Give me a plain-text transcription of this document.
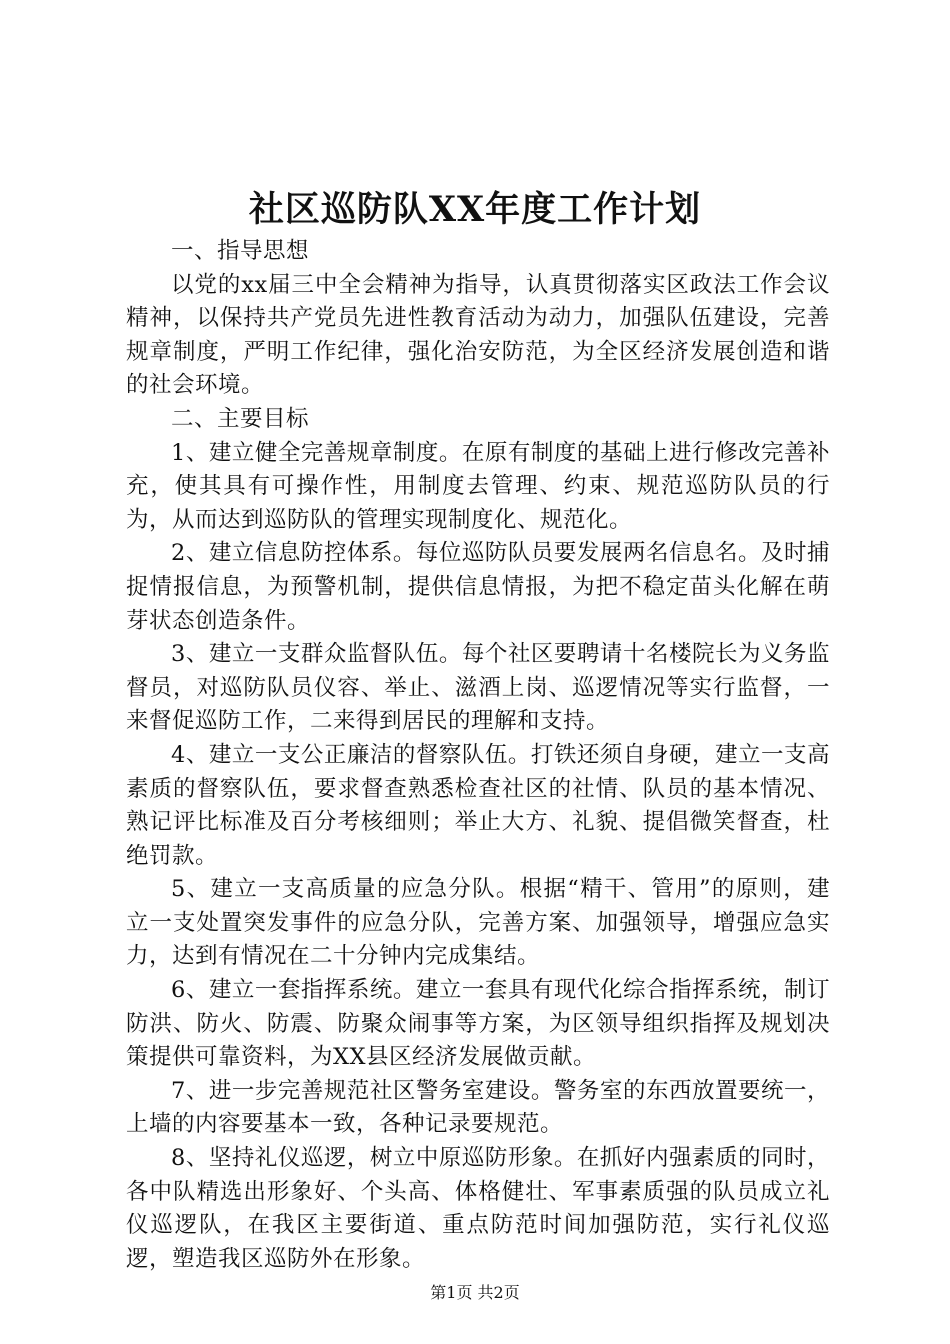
社区巡防队XX年度工作计划

一、指导思想

以党的xx届三中全会精神为指导，认真贯彻落实区政法工作会议精神，以保持共产党员先进性教育活动为动力，加强队伍建设，完善规章制度，严明工作纪律，强化治安防范，为全区经济发展创造和谐的社会环境。

二、主要目标

1、建立健全完善规章制度。在原有制度的基础上进行修改完善补充，使其具有可操作性，用制度去管理、约束、规范巡防队员的行为，从而达到巡防队的管理实现制度化、规范化。

2、建立信息防控体系。每位巡防队员要发展两名信息名。及时捕捉情报信息，为预警机制，提供信息情报，为把不稳定苗头化解在萌芽状态创造条件。

3、建立一支群众监督队伍。每个社区要聘请十名楼院长为义务监督员，对巡防队员仪容、举止、滋酒上岗、巡逻情况等实行监督，一来督促巡防工作，二来得到居民的理解和支持。

4、建立一支公正廉洁的督察队伍。打铁还须自身硬，建立一支高素质的督察队伍，要求督查熟悉检查社区的社情、队员的基本情况、熟记评比标准及百分考核细则；举止大方、礼貌、提倡微笑督查，杜绝罚款。

5、建立一支高质量的应急分队。根据“精干、管用”的原则，建立一支处置突发事件的应急分队，完善方案、加强领导，增强应急实力，达到有情况在二十分钟内完成集结。

6、建立一套指挥系统。建立一套具有现代化综合指挥系统，制订防洪、防火、防震、防聚众闹事等方案，为区领导组织指挥及规划决策提供可靠资料，为XX县区经济发展做贡献。

7、进一步完善规范社区警务室建设。警务室的东西放置要统一，上墙的内容要基本一致，各种记录要规范。

8、坚持礼仪巡逻，树立中原巡防形象。在抓好内强素质的同时，各中队精选出形象好、个头高、体格健壮、军事素质强的队员成立礼仪巡逻队，在我区主要街道、重点防范时间加强防范，实行礼仪巡逻，塑造我区巡防外在形象。

第1页 共2页
